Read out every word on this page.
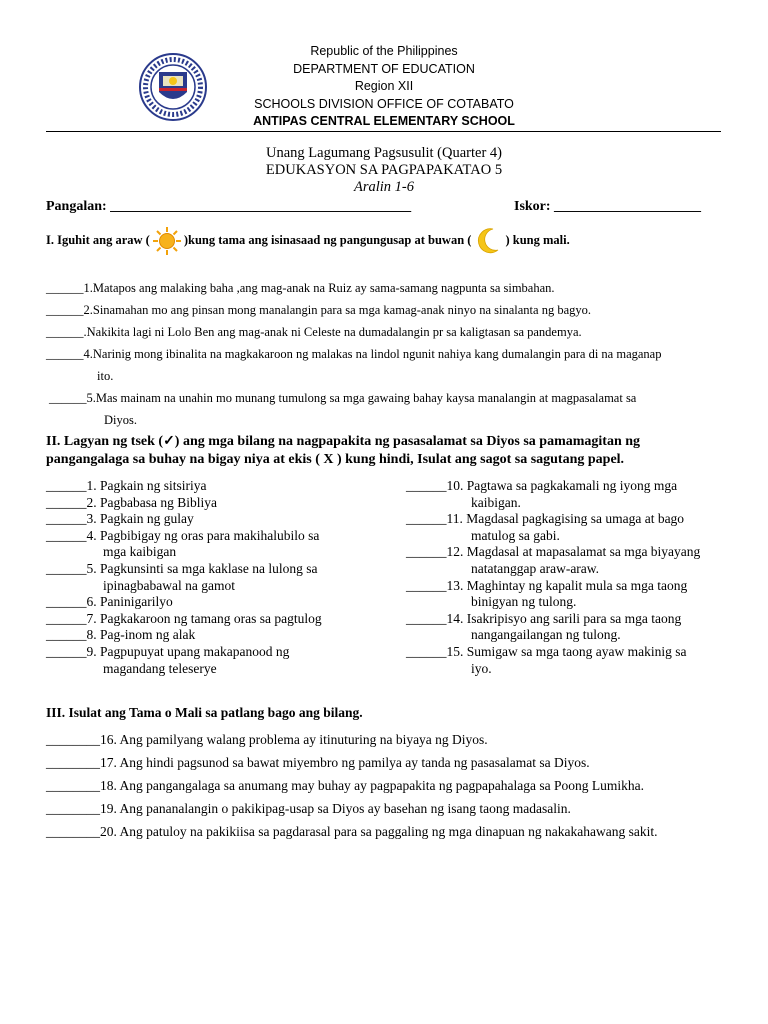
Republic of the Philippines
DEPARTMENT OF EDUCATION
Region XII
SCHOOLS DIVISION OFFICE OF COTABATO
ANTIPAS CENTRAL ELEMENTARY SCHOOL
Unang Lagumang Pagsusulit (Quarter 4)
EDUKASYON SA PAGPAPAKATAO 5
Aralin 1-6
Pangalan: ___________________________________________	Iskor: _____________________
I. Iguhit ang araw (	)kung tama ang isinasaad ng pangungusap at buwan (	) kung mali.
______1.Matapos ang malaking baha ,ang mag-anak na Ruiz ay sama-samang nagpunta sa simbahan.
______2.Sinamahan mo ang pinsan mong manalangin para sa mga kamag-anak ninyo na sinalanta ng bagyo.
______.Nakikita lagi ni Lolo Ben ang mag-anak ni Celeste na dumadalangin pr sa kaligtasan sa pandemya.
______4.Narinig mong ibinalita na magkakaroon ng malakas na lindol ngunit nahiya kang dumalangin para di na maganap
ito.
______5.Mas mainam na unahin mo munang tumulong sa mga gawaing bahay kaysa manalangin at magpasalamat sa
Diyos.
II. Lagyan ng tsek (✓) ang mga bilang na nagpapakita ng pasasalamat sa Diyos sa pamamagitan ng pangangalaga sa buhay na bigay niya at ekis ( X ) kung hindi, Isulat ang sagot sa sagutang papel.
______1. Pagkain ng sitsiriya
______2. Pagbabasa ng Bibliya
______3. Pagkain ng gulay
______4. Pagbibigay ng oras para makihalubilo sa
mga kaibigan
______5. Pagkunsinti sa mga kaklase na lulong sa
ipinagbabawal na gamot
______6. Paninigarilyo
______7. Pagkakaroon ng tamang oras sa pagtulog
______8. Pag-inom ng alak
______9. Pagpupuyat upang makapanood ng
magandang teleserye
______10. Pagtawa sa pagkakamali ng iyong mga
kaibigan.
______11. Magdasal pagkagising sa umaga at bago
matulog sa gabi.
______12. Magdasal at mapasalamat sa mga biyayang
natatanggap araw-araw.
______13. Maghintay ng kapalit mula sa mga taong
binigyan ng tulong.
______14. Isakripisyo ang sarili para sa mga taong
nangangailangan ng tulong.
______15. Sumigaw sa mga taong ayaw makinig sa
iyo.
III. Isulat ang Tama o Mali sa patlang bago ang bilang.
________16. Ang pamilyang walang problema ay itinuturing na biyaya ng Diyos.
________17. Ang hindi pagsunod sa bawat miyembro ng pamilya ay tanda ng pasasalamat sa Diyos.
________18. Ang pangangalaga sa anumang may buhay ay pagpapakita ng pagpapahalaga sa Poong Lumikha.
________19. Ang pananalangin o pakikipag-usap sa Diyos ay basehan ng isang taong madasalin.
________20. Ang patuloy na pakikiisa sa pagdarasal para sa paggaling ng mga dinapuan ng nakakahawang sakit.
